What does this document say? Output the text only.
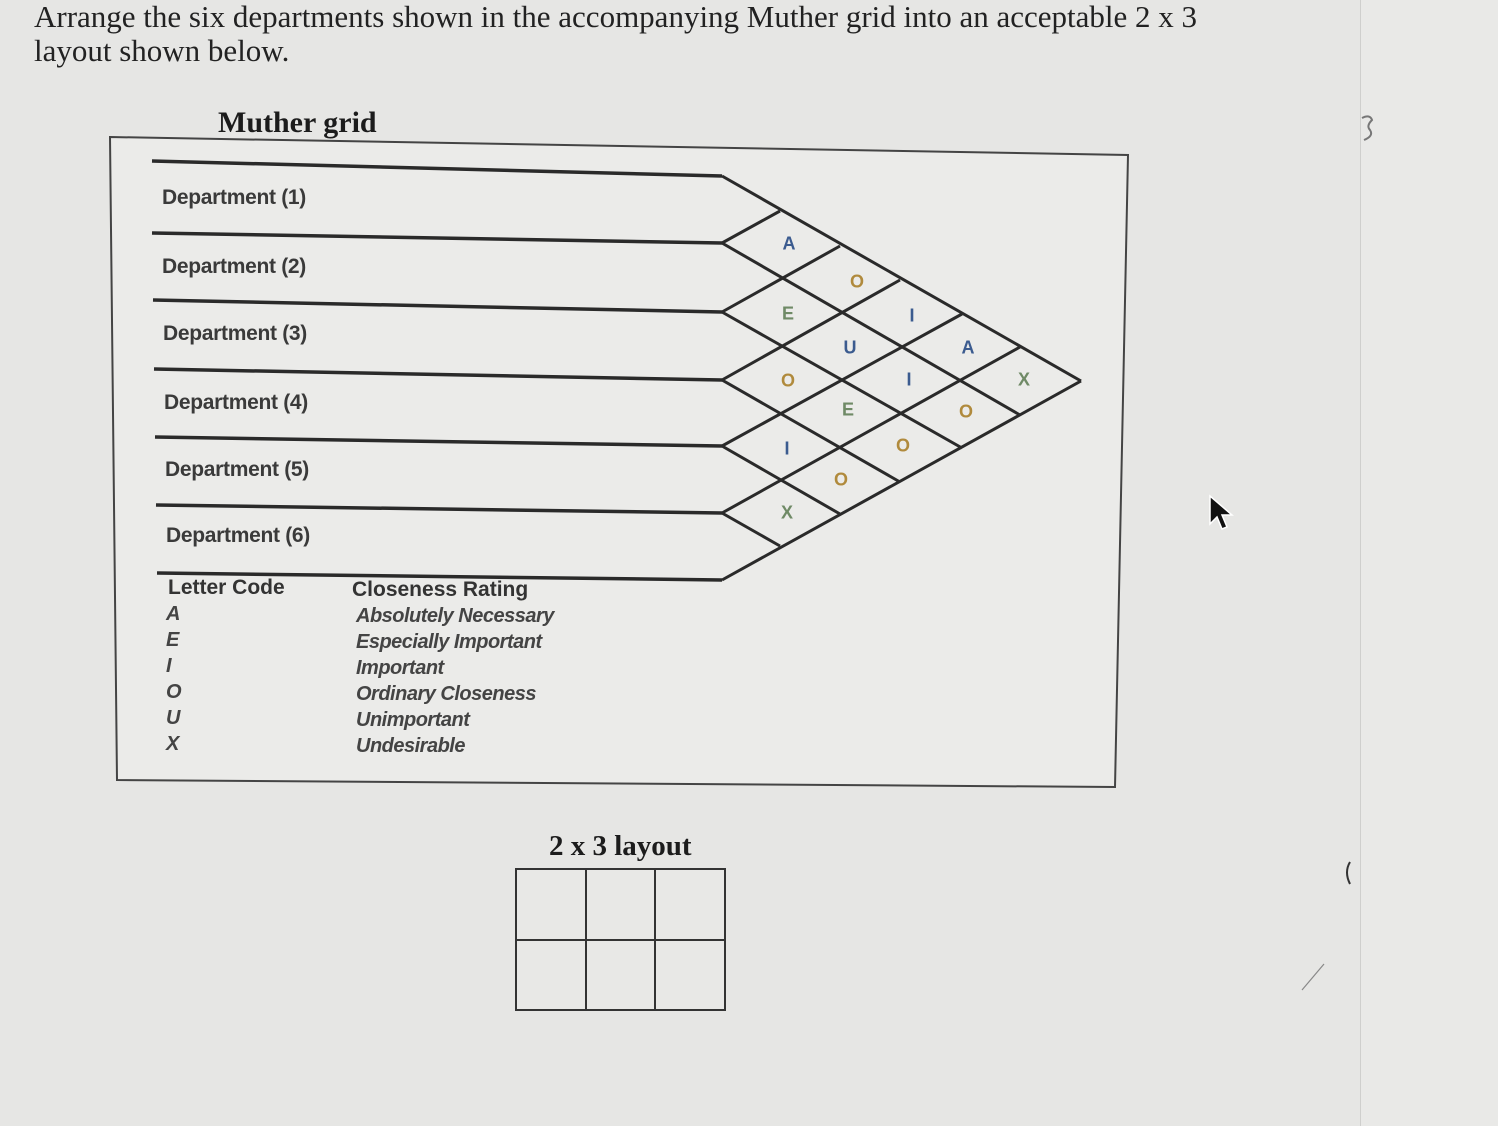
Arrange the six departments shown in the accompanying Muther grid into an acceptable 2 x 3 layout shown below.
Muther grid
Department (1)
Department (2)
Department (3)
Department (4)
Department (5)
Department (6)
A
E
O
I
X
O
U
E
O
I
I
O
A
O
X
Letter Code	Closeness Rating
A
E
I
O
U
X
Absolutely Necessary
Especially Important
Important
Ordinary Closeness
Unimportant
Undesirable
2 x 3 layout
